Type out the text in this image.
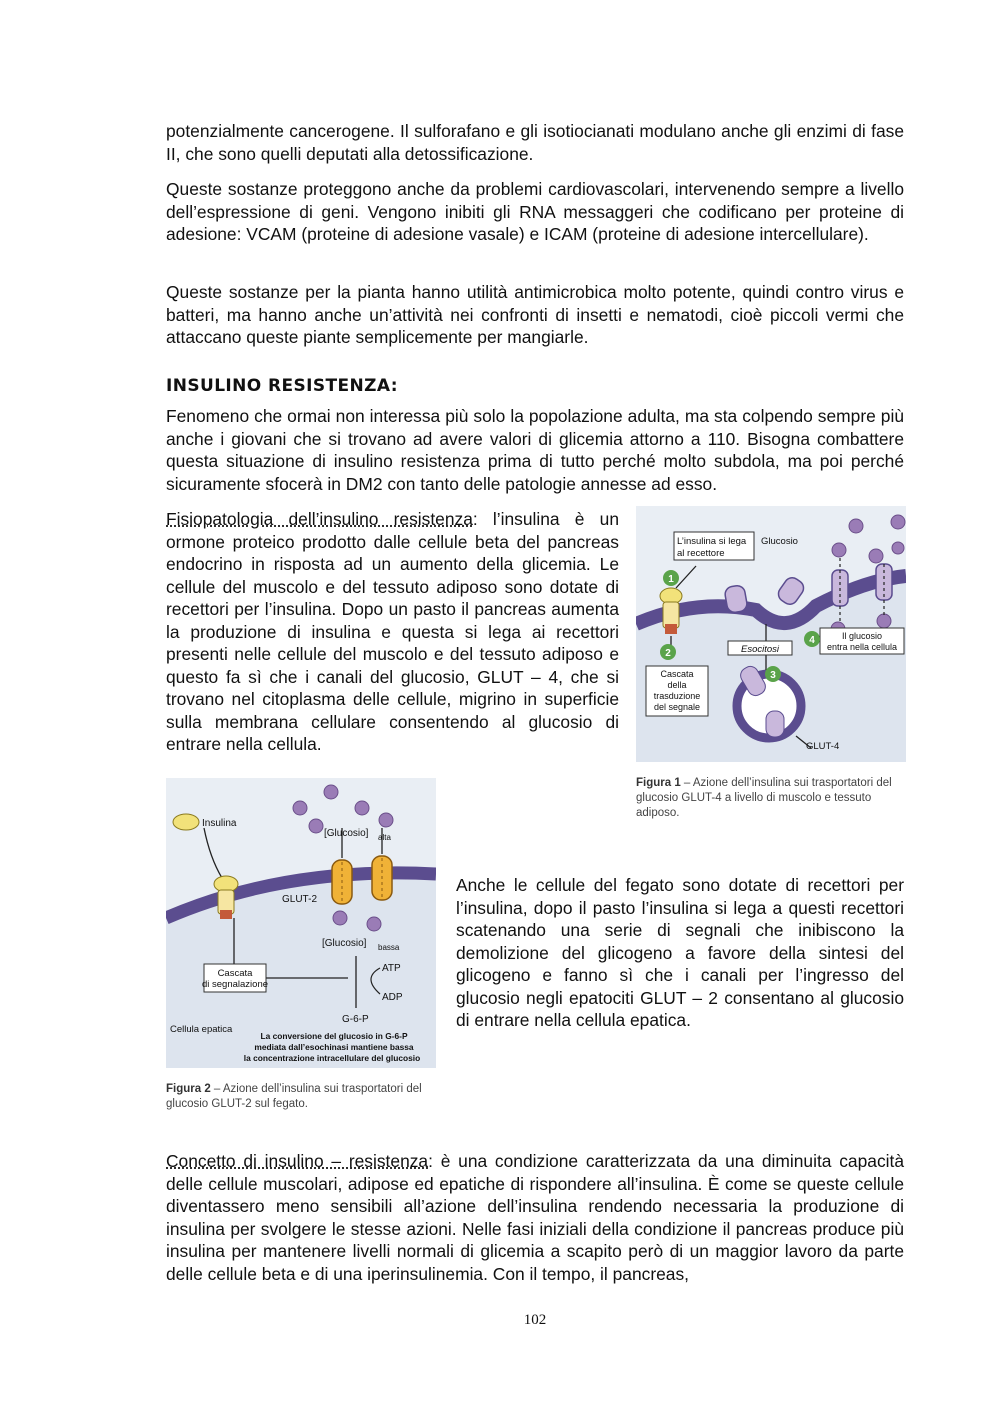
potenzialmente cancerogene. Il sulforafano e gli isotiocianati modulano anche gli enzimi di fase II, che sono quelli deputati alla detossificazione.

Queste sostanze proteggono anche da problemi cardiovascolari, intervenendo sempre a livello dell’espressione di geni. Vengono inibiti gli RNA messaggeri che codificano per proteine di adesione: VCAM (proteine di adesione vasale) e ICAM (proteine di adesione intercellulare).

Queste sostanze per la pianta hanno utilità antimicrobica molto potente, quindi contro virus e batteri, ma hanno anche un’attività nei confronti di insetti e nematodi, cioè piccoli vermi che attaccano queste piante semplicemente per mangiarle.

INSULINO RESISTENZA:

Fenomeno che ormai non interessa più solo la popolazione adulta, ma sta colpendo sempre più anche i giovani che si trovano ad avere valori di glicemia attorno a 110. Bisogna combattere questa situazione di insulino resistenza prima di tutto perché molto subdola, ma poi perché sicuramente sfocerà in DM2 con tanto delle patologie annesse ad esso.

Fisiopatologia dell’insulino resistenza: l’insulina è un ormone proteico prodotto dalle cellule beta del pancreas endocrino in risposta ad un aumento della glicemia. Le cellule del muscolo e del tessuto adiposo sono dotate di recettori per l’insulina. Dopo un pasto il pancreas aumenta la produzione di insulina e questa si lega ai recettori presenti nelle cellule del muscolo e del tessuto adiposo e questo fa sì che i canali del glucosio, GLUT – 4, che si trovano nel citoplasma delle cellule, migrino in superficie sulla membrana cellulare consentendo al glucosio di entrare nella cellula.

L’insulina si lega
al recettore
Glucosio
Cascata
della
trasduzione
del segnale
Esocitosi
Il glucosio
entra nella cellula
GLUT-4
1
2
3
4

Figura 1 – Azione dell’insulina sui trasportatori del glucosio GLUT-4 a livello di muscolo e tessuto adiposo.

Insulina
[Glucosio] alta
GLUT-2
[Glucosio] bassa
ATP
ADP
G-6-P
Cascata
di segnalazione
Cellula epatica
La conversione del glucosio in G-6-P
mediata dall’esochinasi mantiene bassa
la concentrazione intracellulare del glucosio

Figura 2 – Azione dell’insulina sui trasportatori del glucosio GLUT-2 sul fegato.

Anche le cellule del fegato sono dotate di recettori per l’insulina, dopo il pasto l’insulina si lega a questi recettori scatenando una serie di segnali che inibiscono la demolizione del glicogeno a favore della sintesi del glicogeno e fanno sì che i canali per l’ingresso del glucosio negli epatociti GLUT – 2 consentano al glucosio di entrare nella cellula epatica.

Concetto di insulino – resistenza: è una condizione caratterizzata da una diminuita capacità delle cellule muscolari, adipose ed epatiche di rispondere all’insulina. È come se queste cellule diventassero meno sensibili all’azione dell’insulina rendendo necessaria la produzione di insulina per svolgere le stesse azioni. Nelle fasi iniziali della condizione il pancreas produce più insulina per mantenere livelli normali di glicemia a scapito però di un maggior lavoro da parte delle cellule beta e di una iperinsulinemia. Con il tempo, il pancreas,

102
